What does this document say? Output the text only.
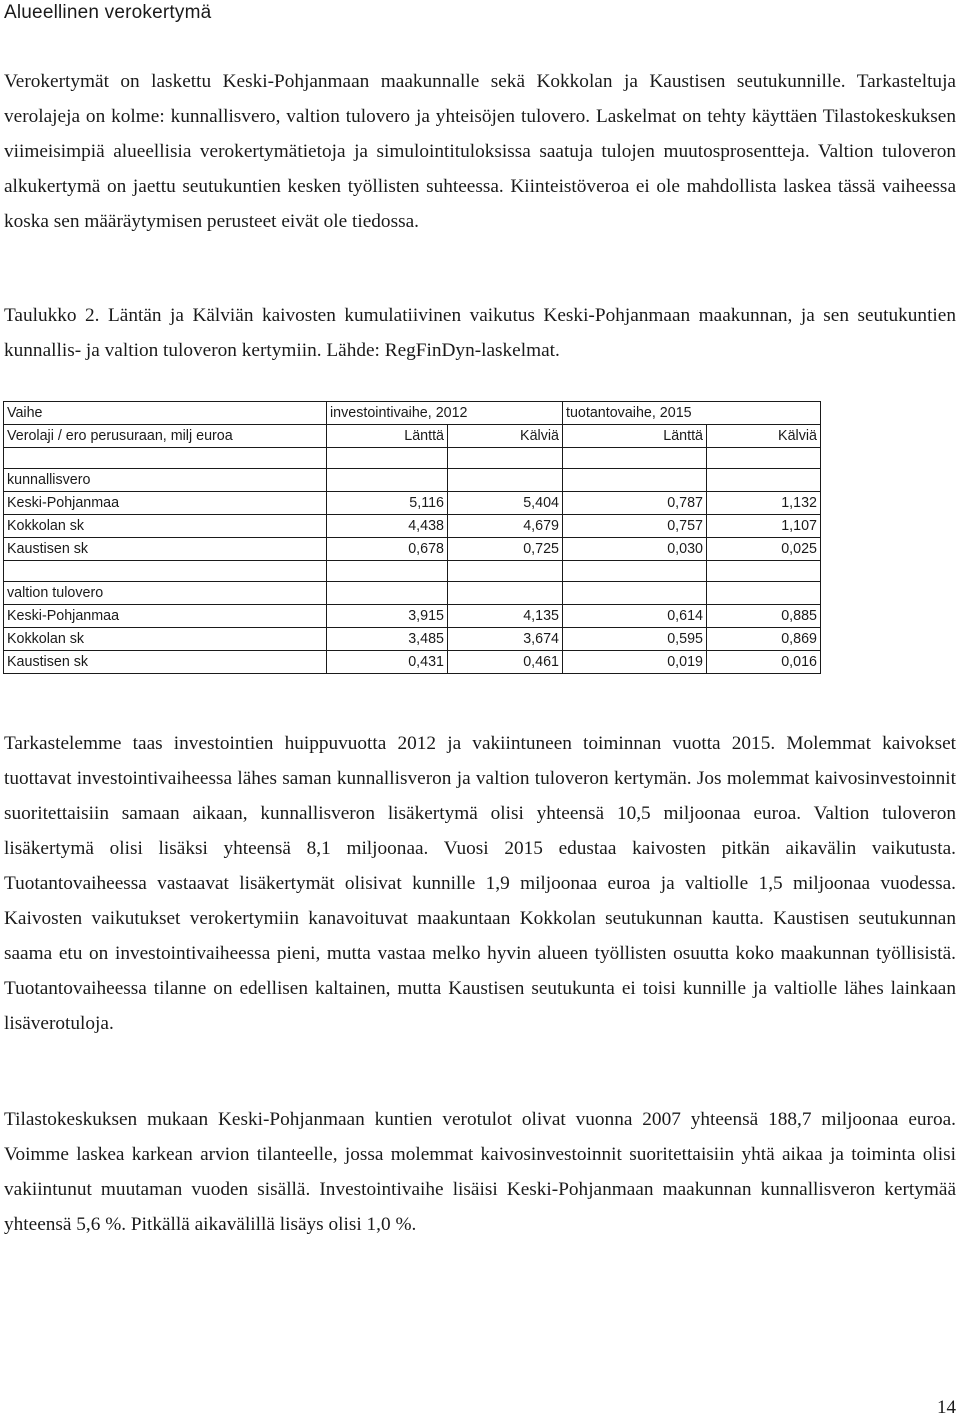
Alueellinen verokertymä

Verokertymät on laskettu Keski-Pohjanmaan maakunnalle sekä Kokkolan ja Kaustisen seutukunnille. Tarkasteltuja verolajeja on kolme: kunnallisvero, valtion tulovero ja yhteisöjen tulovero. Laskelmat on tehty käyttäen Tilastokeskuksen viimeisimpiä alueellisia verokertymätietoja ja simulointituloksissa saatuja tulojen muutosprosentteja. Valtion tuloveron alkukertymä on jaettu seutukuntien kesken työllisten suhteessa. Kiinteistöveroa ei ole mahdollista laskea tässä vaiheessa koska sen määräytymisen perusteet eivät ole tiedossa.

Taulukko 2. Läntän ja Kälviän kaivosten kumulatiivinen vaikutus Keski-Pohjanmaan maakunnan, ja sen seutukuntien kunnallis- ja valtion tuloveron kertymiin. Lähde: RegFinDyn-laskelmat.

Vaihe	investointivaihe, 2012		tuotantovaihe, 2015	
Verolaji / ero perusuraan, milj euroa	Länttä	Kälviä	Länttä	Kälviä

kunnallisvero				
Keski-Pohjanmaa	5,116	5,404	0,787	1,132
Kokkolan sk	4,438	4,679	0,757	1,107
Kaustisen sk	0,678	0,725	0,030	0,025

valtion tulovero				
Keski-Pohjanmaa	3,915	4,135	0,614	0,885
Kokkolan sk	3,485	3,674	0,595	0,869
Kaustisen sk	0,431	0,461	0,019	0,016

Tarkastelemme taas investointien huippuvuotta 2012 ja vakiintuneen toiminnan vuotta 2015. Molemmat kaivokset tuottavat investointivaiheessa lähes saman kunnallisveron ja valtion tuloveron kertymän. Jos molemmat kaivosinvestoinnit suoritettaisiin samaan aikaan, kunnallisveron lisäkertymä olisi yhteensä 10,5 miljoonaa euroa. Valtion tuloveron lisäkertymä olisi lisäksi yhteensä 8,1 miljoonaa. Vuosi 2015 edustaa kaivosten pitkän aikavälin vaikutusta. Tuotantovaiheessa vastaavat lisäkertymät olisivat kunnille 1,9 miljoonaa euroa ja valtiolle 1,5 miljoonaa vuodessa. Kaivosten vaikutukset verokertymiin kanavoituvat maakuntaan Kokkolan seutukunnan kautta. Kaustisen seutukunnan saama etu on investointivaiheessa pieni, mutta vastaa melko hyvin alueen työllisten osuutta koko maakunnan työllisistä. Tuotantovaiheessa tilanne on edellisen kaltainen, mutta Kaustisen seutukunta ei toisi kunnille ja valtiolle lähes lainkaan lisäverotuloja.

Tilastokeskuksen mukaan Keski-Pohjanmaan kuntien verotulot olivat vuonna 2007 yhteensä 188,7 miljoonaa euroa. Voimme laskea karkean arvion tilanteelle, jossa molemmat kaivosinvestoinnit suoritettaisiin yhtä aikaa ja toiminta olisi vakiintunut muutaman vuoden sisällä. Investointivaihe lisäisi Keski-Pohjanmaan maakunnan kunnallisveron kertymää yhteensä 5,6 %. Pitkällä aikavälillä lisäys olisi 1,0 %.

14
